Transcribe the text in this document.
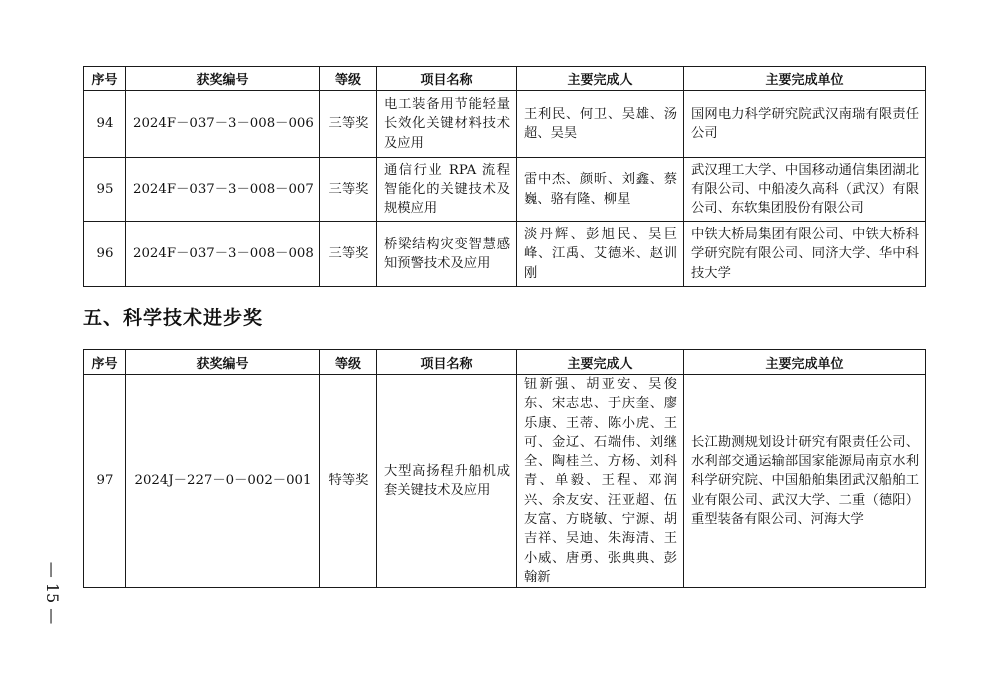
序号	获奖编号	等级	项目名称	主要完成人	主要完成单位
94	2024F－037－3－008－006	三等奖	电工装备用节能轻量长效化关键材料技术及应用	王利民、何卫、吴雄、汤超、吴昊	国网电力科学研究院武汉南瑞有限责任公司
95	2024F－037－3－008－007	三等奖	通信行业 RPA 流程智能化的关键技术及规模应用	雷中杰、颜昕、刘鑫、蔡巍、骆有隆、柳星	武汉理工大学、中国移动通信集团湖北有限公司、中船凌久高科（武汉）有限公司、东软集团股份有限公司
96	2024F－037－3－008－008	三等奖	桥梁结构灾变智慧感知预警技术及应用	淡丹辉、彭旭民、吴巨峰、江禹、艾德米、赵训刚	中铁大桥局集团有限公司、中铁大桥科学研究院有限公司、同济大学、华中科技大学
五、科学技术进步奖
序号	获奖编号	等级	项目名称	主要完成人	主要完成单位
97	2024J－227－0－002－001	特等奖	大型高扬程升船机成套关键技术及应用	钮新强、胡亚安、吴俊东、宋志忠、于庆奎、廖乐康、王蒂、陈小虎、王可、金辽、石端伟、刘继全、陶桂兰、方杨、刘科青、单毅、王程、邓润兴、余友安、汪亚超、伍友富、方晓敏、宁源、胡吉祥、吴迪、朱海清、王小威、唐勇、张典典、彭翰新	长江勘测规划设计研究有限责任公司、水利部交通运输部国家能源局南京水利科学研究院、中国船舶集团武汉船舶工业有限公司、武汉大学、二重（德阳）重型装备有限公司、河海大学
— 15 —
